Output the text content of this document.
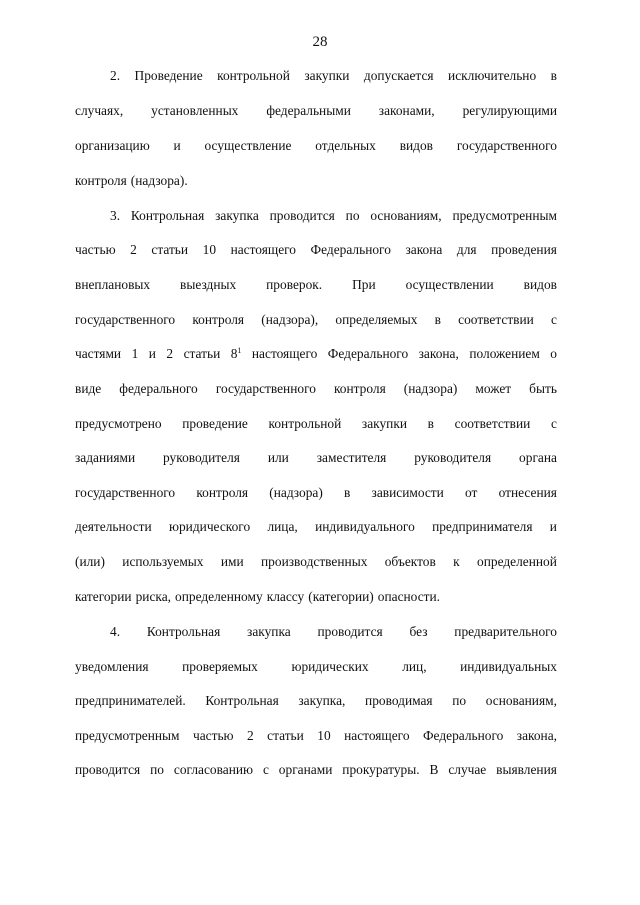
28
2. Проведение контрольной закупки допускается исключительно в
случаях, установленных федеральными законами, регулирующими
организацию и осуществление отдельных видов государственного
контроля (надзора).
3. Контрольная закупка проводится по основаниям, предусмотренным
частью 2 статьи 10 настоящего Федерального закона для проведения
внеплановых выездных проверок. При осуществлении видов
государственного контроля (надзора), определяемых в соответствии с
частями 1 и 2 статьи $8^1$ настоящего Федерального закона, положением о
виде федерального государственного контроля (надзора) может быть
предусмотрено проведение контрольной закупки в соответствии с
заданиями руководителя или заместителя руководителя органа
государственного контроля (надзора) в зависимости от отнесения
деятельности юридического лица, индивидуального предпринимателя и
(или) используемых ими производственных объектов к определенной
категории риска, определенному классу (категории) опасности.
4. Контрольная закупка проводится без предварительного
уведомления	проверяемых	юридических	лиц,	индивидуальных
предпринимателей. Контрольная закупка, проводимая по основаниям,
предусмотренным частью 2 статьи 10 настоящего Федерального закона,
проводится по согласованию с органами прокуратуры. В случае выявления
